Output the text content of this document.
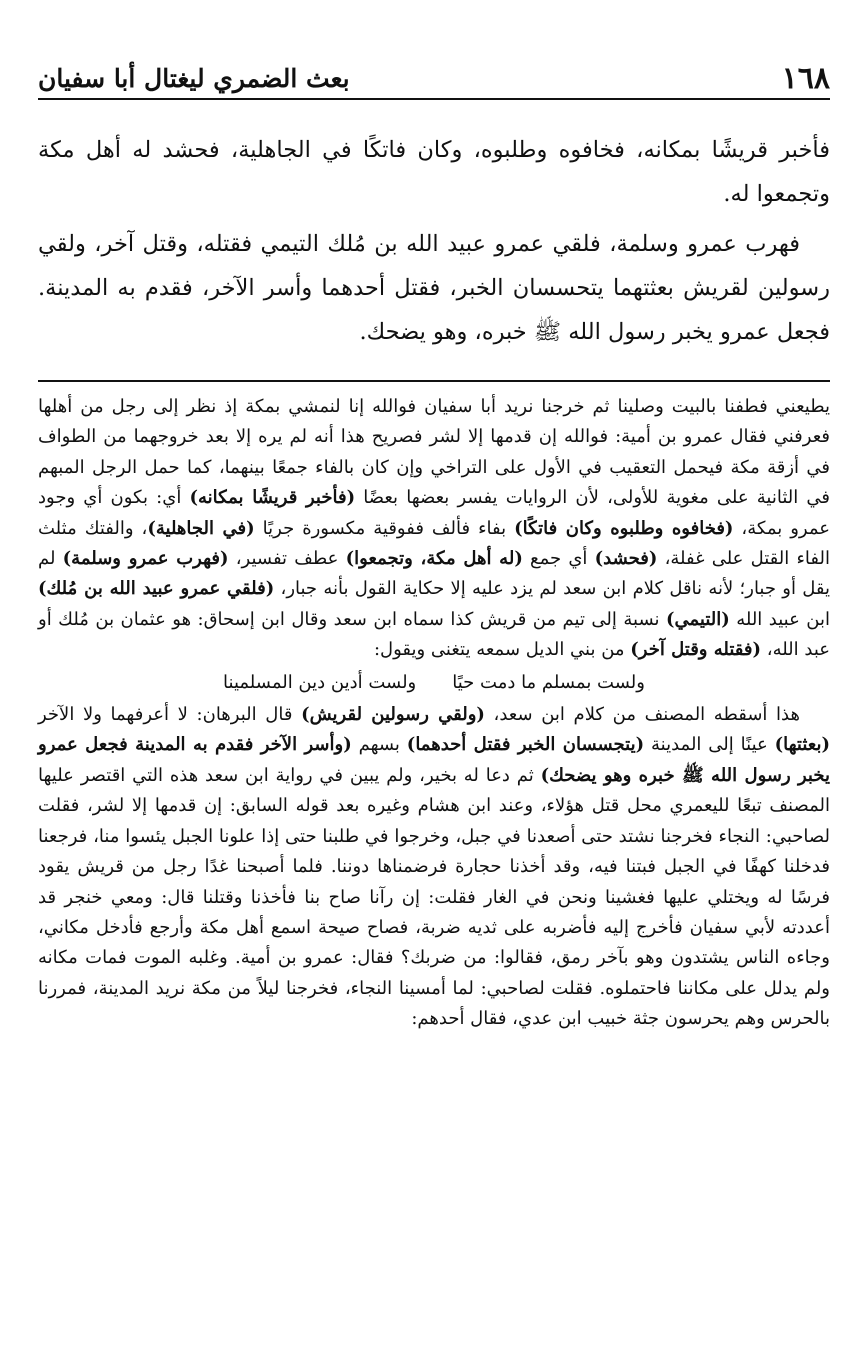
١٦٨
بعث الضمري ليغتال أبا سفيان

فأخبر قريشًا بمكانه، فخافوه وطلبوه، وكان فاتكًا في الجاهلية، فحشد له أهل مكة وتجمعوا له.

فهرب عمرو وسلمة، فلقي عمرو عبيد الله بن مُلك التيمي فقتله، وقتل آخر، ولقي رسولين لقريش بعثتهما يتحسسان الخبر، فقتل أحدهما وأسر الآخر، فقدم به المدينة. فجعل عمرو يخبر رسول الله ﷺ خبره، وهو يضحك.

يطيعني فطفنا بالبيت وصلينا ثم خرجنا نريد أبا سفيان فوالله إنا لنمشي بمكة إذ نظر إلى رجل من أهلها فعرفني فقال عمرو بن أمية: فوالله إن قدمها إلا لشر فصريح هذا أنه لم يره إلا بعد خروجهما من الطواف في أزقة مكة فيحمل التعقيب في الأول على التراخي وإن كان بالفاء جمعًا بينهما، كما حمل الرجل المبهم في الثانية على مغوية للأولى، لأن الروايات يفسر بعضها بعضًا (فأخبر قريشًا بمكانه) أي: بكون أي وجود عمرو بمكة، (فخافوه وطلبوه وكان فاتكًا) بفاء فألف ففوقية مكسورة جريًا (في الجاهلية)، والفتك مثلث الفاء القتل على غفلة، (فحشد) أي جمع (له أهل مكة، وتجمعوا) عطف تفسير، (فهرب عمرو وسلمة) لم يقل أو جبار؛ لأنه ناقل كلام ابن سعد لم يزد عليه إلا حكاية القول بأنه جبار، (فلقي عمرو عبيد الله بن مُلك) ابن عبيد الله (التيمي) نسبة إلى تيم من قريش كذا سماه ابن سعد وقال ابن إسحاق: هو عثمان بن مُلك أو عبد الله، (فقتله وقتل آخر) من بني الديل سمعه يتغنى ويقول:

ولست بمسلم ما دمت حيًا
ولست أدين دين المسلمينا

هذا أسقطه المصنف من كلام ابن سعد، (ولقي رسولين لقريش) قال البرهان: لا أعرفهما ولا الآخر (بعثتها) عينًا إلى المدينة (يتجسسان الخبر فقتل أحدهما) بسهم (وأسر الآخر فقدم به المدينة فجعل عمرو يخبر رسول الله ﷺ خبره وهو يضحك) ثم دعا له بخير، ولم يبين في رواية ابن سعد هذه التي اقتصر عليها المصنف تبعًا لليعمري محل قتل هؤلاء، وعند ابن هشام وغيره بعد قوله السابق: إن قدمها إلا لشر، فقلت لصاحبي: النجاء فخرجنا نشتد حتى أصعدنا في جبل، وخرجوا في طلبنا حتى إذا علونا الجبل يئسوا منا، فرجعنا فدخلنا كهفًا في الجبل فبتنا فيه، وقد أخذنا حجارة فرضمناها دوننا. فلما أصبحنا غدًا رجل من قريش يقود فرسًا له ويختلي عليها فغشينا ونحن في الغار فقلت: إن رآنا صاح بنا فأخذنا وقتلنا قال: ومعي خنجر قد أعددته لأبي سفيان فأخرج إليه فأضربه على ثديه ضربة، فصاح صيحة اسمع أهل مكة وأرجع فأدخل مكاني، وجاءه الناس يشتدون وهو بآخر رمق، فقالوا: من ضربك؟ فقال: عمرو بن أمية. وغلبه الموت فمات مكانه ولم يدلل على مكاننا فاحتملوه. فقلت لصاحبي: لما أمسينا النجاء، فخرجنا ليلاً من مكة نريد المدينة، فمررنا بالحرس وهم يحرسون جثة خبيب ابن عدي، فقال أحدهم:
